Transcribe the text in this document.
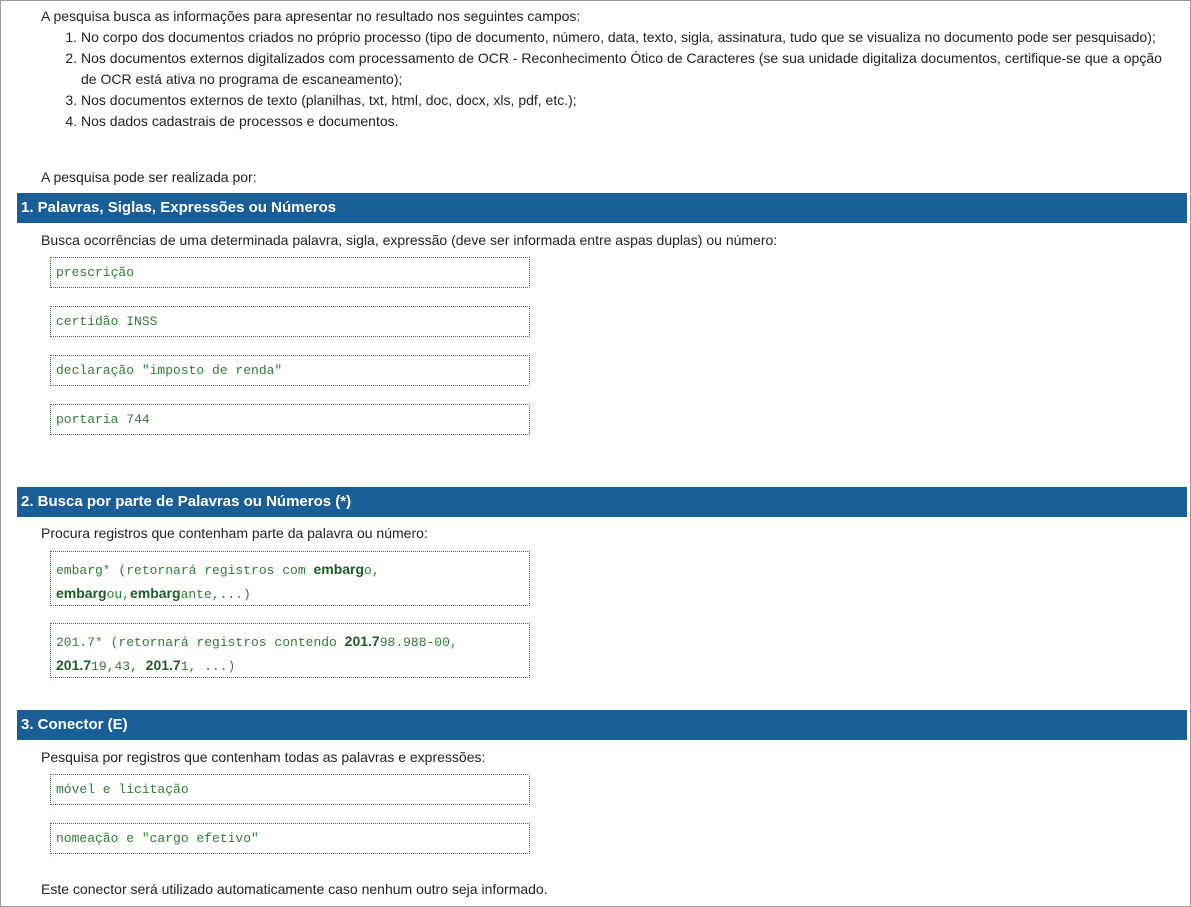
A pesquisa busca as informações para apresentar no resultado nos seguintes campos:
1. No corpo dos documentos criados no próprio processo (tipo de documento, número, data, texto, sigla, assinatura, tudo que se visualiza no documento pode ser pesquisado);
2. Nos documentos externos digitalizados com processamento de OCR - Reconhecimento Ótico de Caracteres (se sua unidade digitaliza documentos, certifique-se que a opção de OCR está ativa no programa de escaneamento);
3. Nos documentos externos de texto (planilhas, txt, html, doc, docx, xls, pdf, etc.);
4. Nos dados cadastrais de processos e documentos.
A pesquisa pode ser realizada por:
1. Palavras, Siglas, Expressões ou Números
Busca ocorrências de uma determinada palavra, sigla, expressão (deve ser informada entre aspas duplas) ou número:
prescrição
certidão INSS
declaração "imposto de renda"
portaria 744
2. Busca por parte de Palavras ou Números (*)
Procura registros que contenham parte da palavra ou número:
embarg* (retornará registros com embargo,
embargou,embargante,...)
201.7* (retornará registros contendo 201.798.988-00,
201.719,43, 201.71, ...)
3. Conector (E)
Pesquisa por registros que contenham todas as palavras e expressões:
móvel e licitação
nomeação e "cargo efetivo"
Este conector será utilizado automaticamente caso nenhum outro seja informado.
